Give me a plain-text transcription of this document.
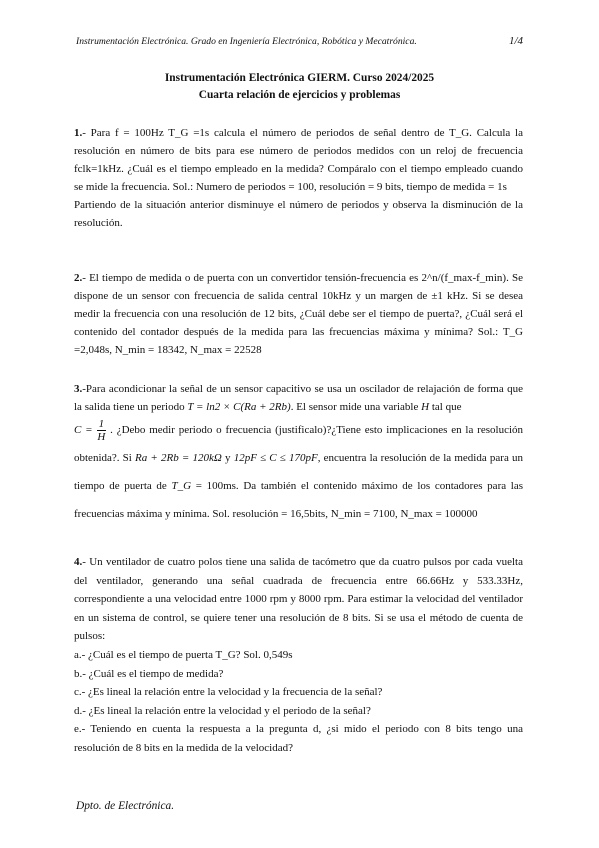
Instrumentación Electrónica. Grado en Ingeniería Electrónica, Robótica y Mecatrónica.	1/4
Instrumentación Electrónica GIERM. Curso 2024/2025
Cuarta relación de ejercicios y problemas

1.- Para f = 100Hz T_G =1s calcula el número de periodos de señal dentro de T_G. Calcula la resolución en número de bits para ese número de periodos medidos con un reloj de frecuencia fclk=1kHz. ¿Cuál es el tiempo empleado en la medida? Compáralo con el tiempo empleado cuando se mide la frecuencia. Sol.: Numero de periodos = 100, resolución = 9 bits, tiempo de medida = 1s

Partiendo de la situación anterior disminuye el número de periodos y observa la disminución de la resolución.

2.- El tiempo de medida o de puerta con un convertidor tensión-frecuencia es 2^n/(f_max-f_min). Se dispone de un sensor con frecuencia de salida central 10kHz y un margen de ±1 kHz. Si se desea medir la frecuencia con una resolución de 12 bits, ¿Cuál debe ser el tiempo de puerta?, ¿Cuál será el contenido del contador después de la medida para las frecuencias máxima y mínima? Sol.: T_G =2,048s, N_min = 18342, N_max = 22528

3.-Para acondicionar la señal de un sensor capacitivo se usa un oscilador de relajación de forma que la salida tiene un periodo T = ln2 × C(Ra + 2Rb). El sensor mide una variable H tal que

$C = \frac{1}{H}$ . ¿Debo medir periodo o frecuencia (justificalo)?¿Tiene esto implicaciones en la resolución obtenida?. Si Ra + 2Rb = 120kΩ y 12pF ≤ C ≤ 170pF, encuentra la resolución de la medida para un tiempo de puerta de T_G = 100ms. Da también el contenido máximo de los contadores para las frecuencias máxima y mínima. Sol. resolución = 16,5bits, N_min = 7100, N_max = 100000

4.- Un ventilador de cuatro polos tiene una salida de tacómetro que da cuatro pulsos por cada vuelta del ventilador, generando una señal cuadrada de frecuencia entre 66.66Hz y 533.33Hz, correspondiente a una velocidad entre 1000 rpm y 8000 rpm. Para estimar la velocidad del ventilador en un sistema de control, se quiere tener una resolución de 8 bits. Si se usa el método de cuenta de pulsos:

a.- ¿Cuál es el tiempo de puerta T_G? Sol. 0,549s

b.- ¿Cuál es el tiempo de medida?

c.- ¿Es lineal la relación entre la velocidad y la frecuencia de la señal?

d.- ¿Es lineal la relación entre la velocidad y el periodo de la señal?

e.- Teniendo en cuenta la respuesta a la pregunta d, ¿si mido el periodo con 8 bits tengo una resolución de 8 bits en la medida de la velocidad?

Dpto. de Electrónica.
